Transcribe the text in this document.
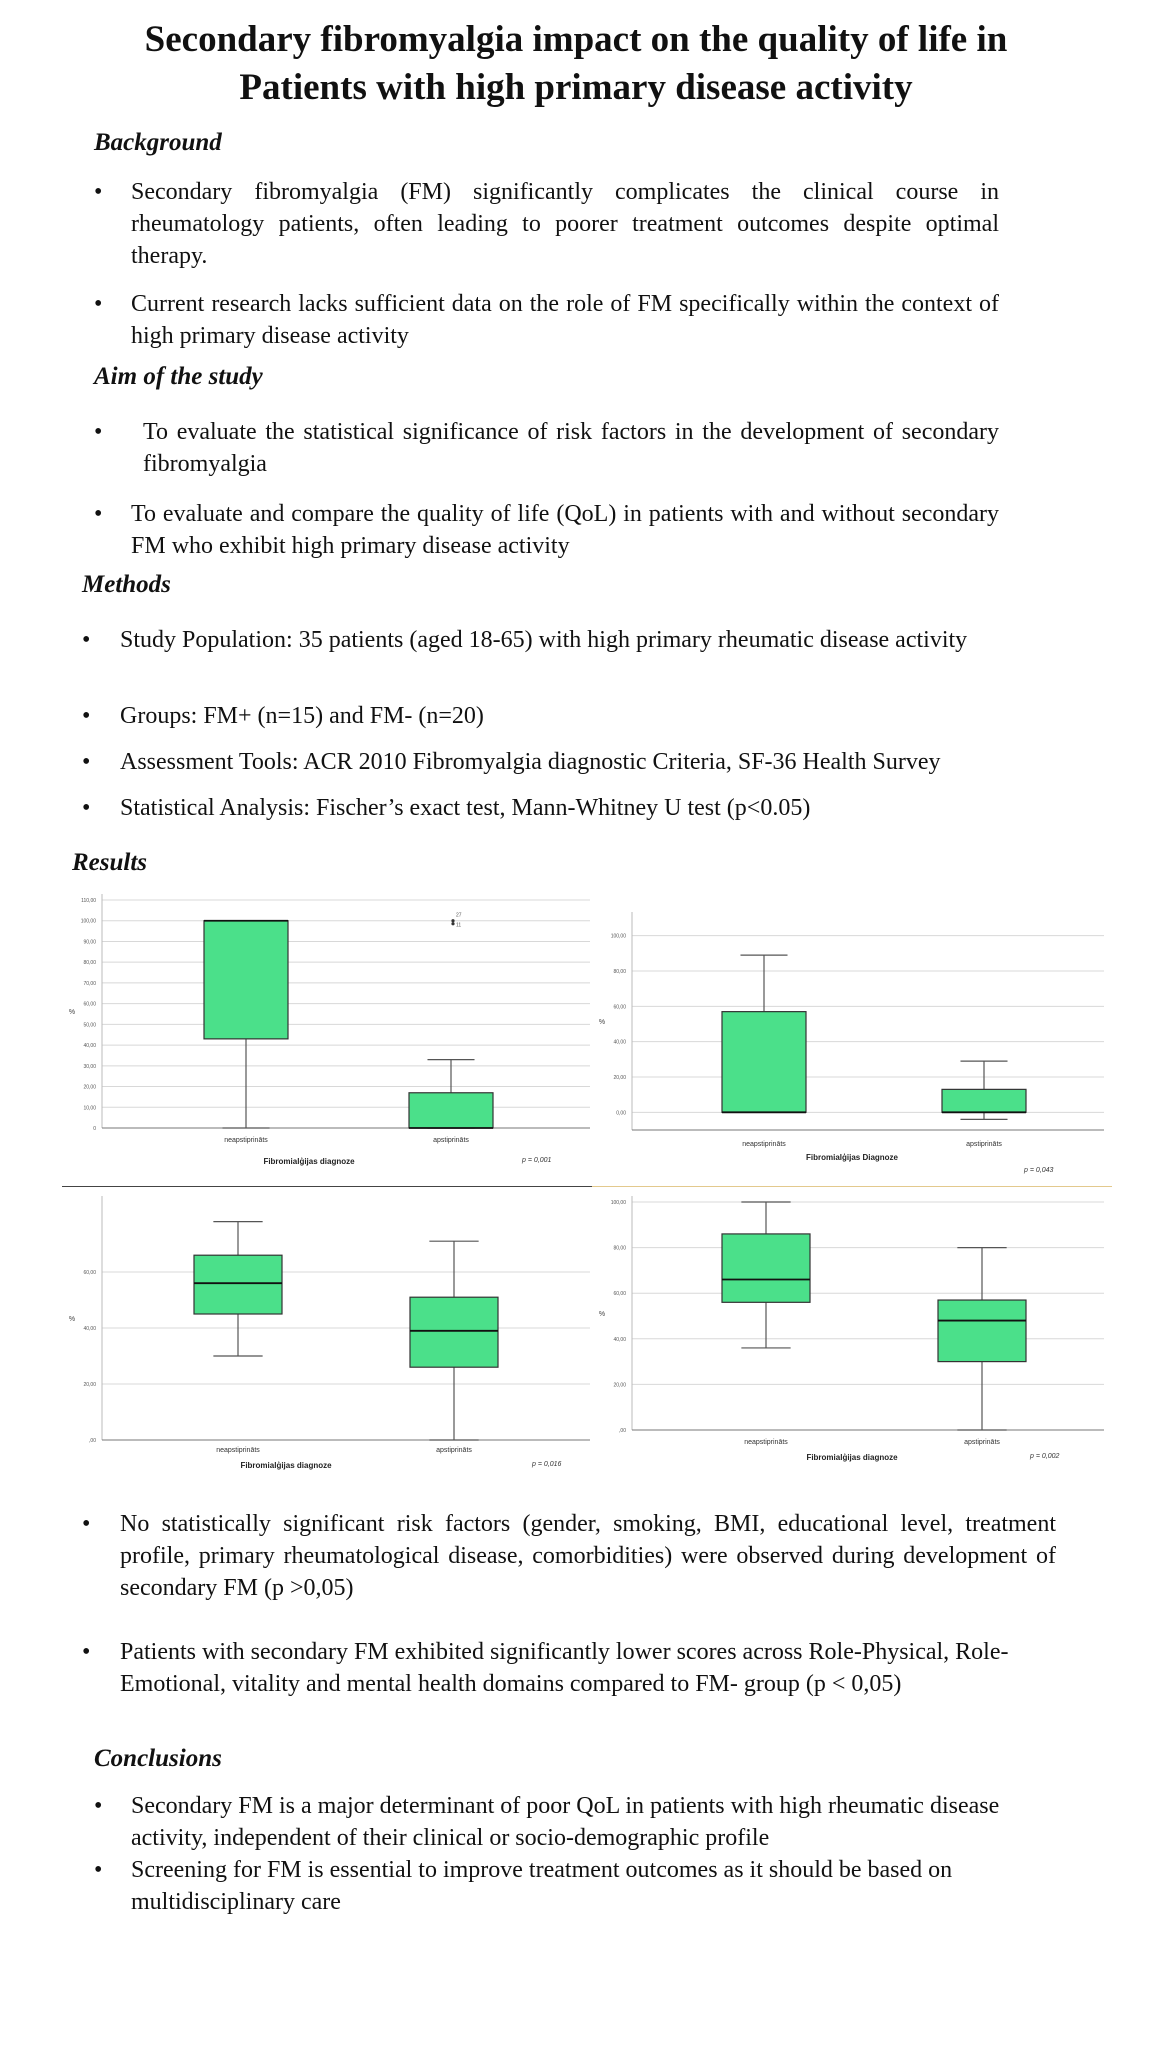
Secondary fibromyalgia impact on the quality of life in
Patients with high primary disease activity
Background
• Secondary fibromyalgia (FM) significantly complicates the clinical course in rheumatology patients, often leading to poorer treatment outcomes despite optimal therapy.
• Current research lacks sufficient data on the role of FM specifically within the context of high primary disease activity
Aim of the study
• To evaluate the statistical significance of risk factors in the development of secondary fibromyalgia
• To evaluate and compare the quality of life (QoL) in patients with and without secondary FM who exhibit high primary disease activity
Methods
• Study Population: 35 patients (aged 18-65) with high primary rheumatic disease activity
• Groups: FM+ (n=15) and FM- (n=20)
• Assessment Tools: ACR 2010 Fibromyalgia diagnostic Criteria, SF-36 Health Survey
• Statistical Analysis: Fischer’s exact test, Mann-Whitney U test (p<0.05)
Results
0
10,00
20,00
30,00
40,00
50,00
60,00
70,00
80,00
90,00
100,00
110,00
%
neapstiprināts	apstiprināts
27
11
Fibromialģijas diagnoze	p = 0,001
0,00
20,00
40,00
60,00
80,00
100,00
%
neapstiprināts	apstiprināts
Fibromialģijas Diagnoze
p = 0,043
,00
20,00
40,00
60,00
%
neapstiprināts	apstiprināts
Fibromialģijas diagnoze	p = 0,016
,00
20,00
40,00
60,00
80,00
100,00
%
neapstiprināts	apstiprināts
Fibromialģijas diagnoze	p = 0,002
• No statistically significant risk factors (gender, smoking, BMI, educational level, treatment profile, primary rheumatological disease, comorbidities) were observed during development of secondary FM (p >0,05)
• Patients with secondary FM exhibited significantly lower scores across Role-Physical, Role-Emotional, vitality and mental health domains compared to FM- group (p < 0,05)
Conclusions
• Secondary FM is a major determinant of poor QoL in patients with high rheumatic disease activity, independent of their clinical or socio-demographic profile
• Screening for FM is essential to improve treatment outcomes as it should be based on multidisciplinary care
